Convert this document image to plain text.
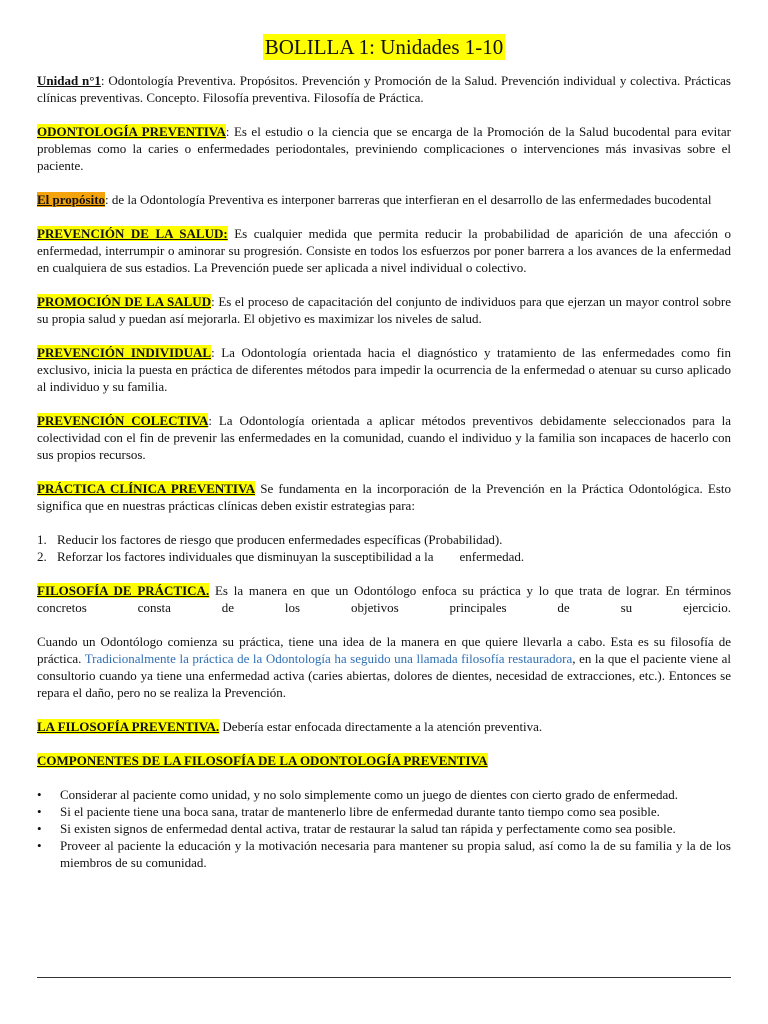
BOLILLA 1: Unidades 1-10

Unidad n°1: Odontología Preventiva. Propósitos. Prevención y Promoción de la Salud. Prevención individual y colectiva. Prácticas clínicas preventivas. Concepto. Filosofía preventiva. Filosofía de Práctica.

ODONTOLOGÍA PREVENTIVA: Es el estudio o la ciencia que se encarga de la Promoción de la Salud bucodental para evitar problemas como la caries o enfermedades periodontales, previniendo complicaciones o intervenciones más invasivas sobre el paciente.

El propósito: de la Odontología Preventiva es interponer barreras que interfieran en el desarrollo de las enfermedades bucodental

PREVENCIÓN DE LA SALUD: Es cualquier medida que permita reducir la probabilidad de aparición de una afección o enfermedad, interrumpir o aminorar su progresión. Consiste en todos los esfuerzos por poner barrera a los avances de la enfermedad en cualquiera de sus estadios. La Prevención puede ser aplicada a nivel individual o colectivo.

PROMOCIÓN DE LA SALUD: Es el proceso de capacitación del conjunto de individuos para que ejerzan un mayor control sobre su propia salud y puedan así mejorarla. El objetivo es maximizar los niveles de salud.

PREVENCIÓN INDIVIDUAL: La Odontología orientada hacia el diagnóstico y tratamiento de las enfermedades como fin exclusivo, inicia la puesta en práctica de diferentes métodos para impedir la ocurrencia de la enfermedad o atenuar su curso aplicado al individuo y su familia.

PREVENCIÓN COLECTIVA: La Odontología orientada a aplicar métodos preventivos debidamente seleccionados para la colectividad con el fin de prevenir las enfermedades en la comunidad, cuando el individuo y la familia son incapaces de hacerlo con sus propios recursos.

PRÁCTICA CLÍNICA PREVENTIVA Se fundamenta en la incorporación de la Prevención en la Práctica Odontológica. Esto significa que en nuestras prácticas clínicas deben existir estrategias para:

1. Reducir los factores de riesgo que producen enfermedades específicas (Probabilidad).
2. Reforzar los factores individuales que disminuyan la susceptibilidad a la        enfermedad.

FILOSOFÍA DE PRÁCTICA. Es la manera en que un Odontólogo enfoca su práctica y lo que trata de lograr. En términos concretos consta de los objetivos principales de su ejercicio.

Cuando un Odontólogo comienza su práctica, tiene una idea de la manera en que quiere llevarla a cabo. Esta es su filosofía de práctica. Tradicionalmente la práctica de la Odontología ha seguido una llamada filosofía restauradora, en la que el paciente viene al consultorio cuando ya tiene una enfermedad activa (caries abiertas, dolores de dientes, necesidad de extracciones, etc.). Entonces se repara el daño, pero no se realiza la Prevención.

LA FILOSOFÍA PREVENTIVA. Debería estar enfocada directamente a la atención preventiva.

COMPONENTES DE LA FILOSOFÍA DE LA ODONTOLOGÍA PREVENTIVA

•	Considerar al paciente como unidad, y no solo simplemente como un juego de dientes con cierto grado de enfermedad.
•	Si el paciente tiene una boca sana, tratar de mantenerlo libre de enfermedad durante tanto tiempo como sea posible.
•	Si existen signos de enfermedad dental activa, tratar de restaurar la salud tan rápida y perfectamente como sea posible.
•	Proveer al paciente la educación y la motivación necesaria para mantener su propia salud, así como la de su familia y la de los miembros de su comunidad.
